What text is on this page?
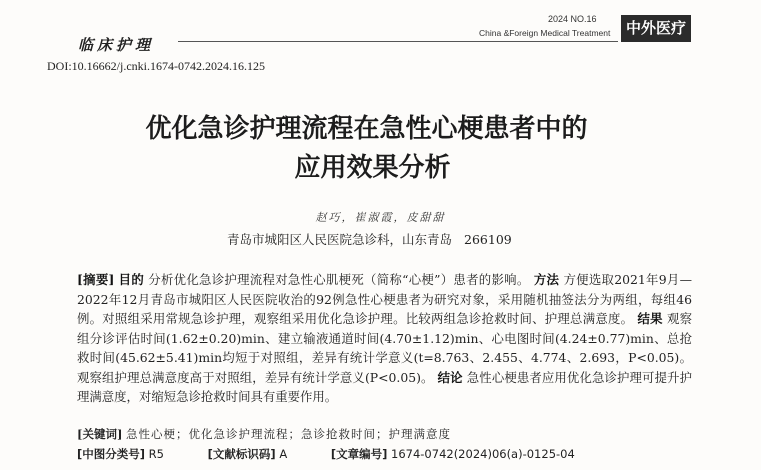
临床护理
2024 NO.16
China &Foreign Medical Treatment	中外医疗
DOI:10.16662/j.cnki.1674-0742.2024.16.125
优化急诊护理流程在急性心梗患者中的
应用效果分析
赵巧，崔淑霞，皮甜甜
青岛市城阳区人民医院急诊科，山东青岛 266109
[摘要] 目的 分析优化急诊护理流程对急性心肌梗死（简称“心梗”）患者的影响。 方法 方便选取2021年9月—2022年12月青岛市城阳区人民医院收治的92例急性心梗患者为研究对象，采用随机抽签法分为两组，每组46例。对照组采用常规急诊护理，观察组采用优化急诊护理。比较两组急诊抢救时间、护理总满意度。 结果 观察组分诊评估时间(1.62±0.20)min、建立输液通道时间(4.70±1.12)min、心电图时间(4.24±0.77)min、总抢救时间(45.62±5.41)min均短于对照组，差异有统计学意义(t=8.763、2.455、4.774、2.693，P<0.05)。观察组护理总满意度高于对照组，差异有统计学意义(P<0.05)。 结论 急性心梗患者应用优化急诊护理可提升护理满意度，对缩短急诊抢救时间具有重要作用。
[关键词] 急性心梗；优化急诊护理流程；急诊抢救时间；护理满意度
[中图分类号] R5	[文献标识码] A	[文章编号] 1674-0742(2024)06(a)-0125-04
